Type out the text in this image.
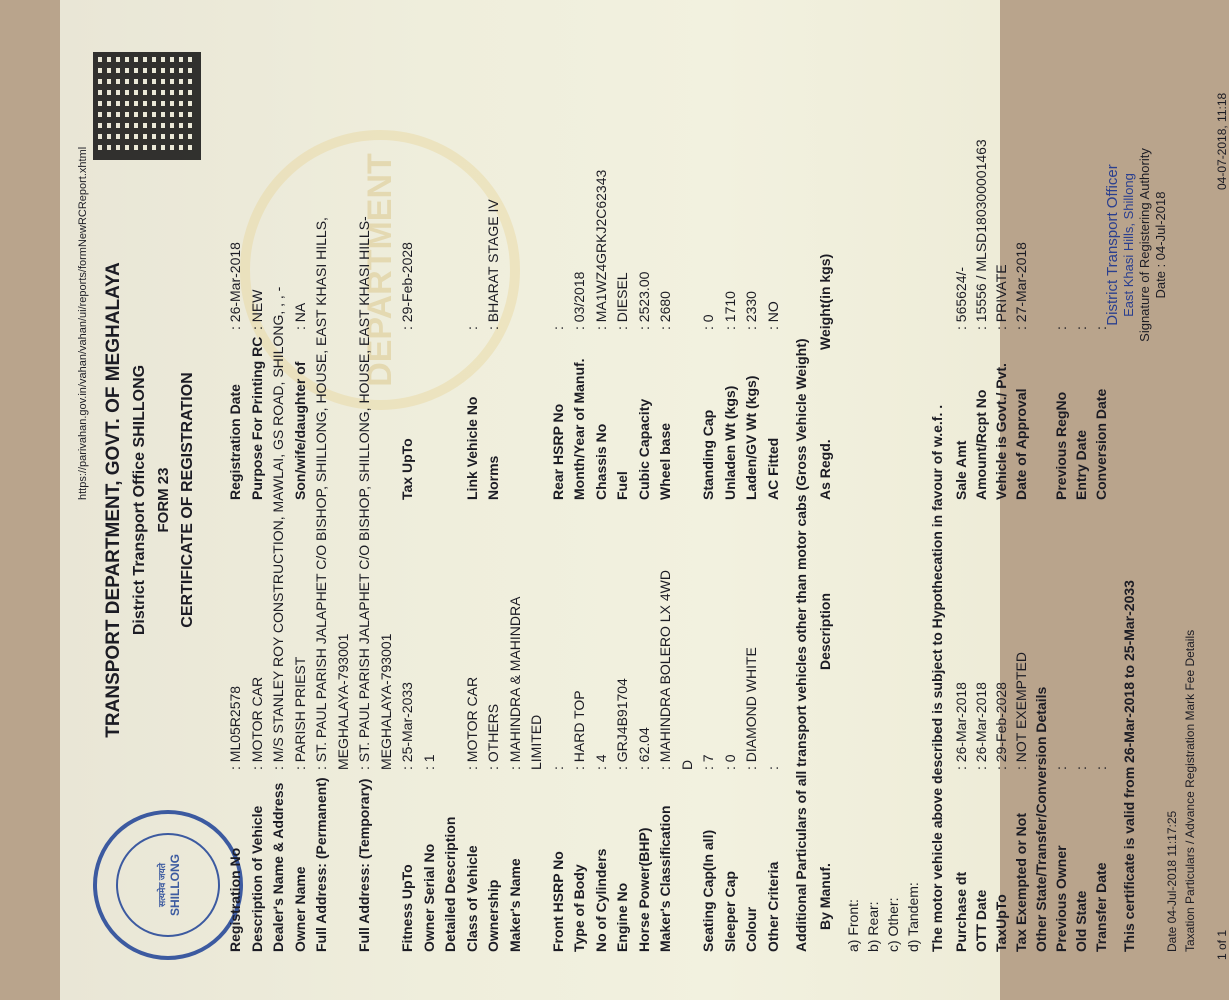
सत्यमेव जयते SHILLONG
DEPARTMENT
https://parivahan.gov.in/vahan/vahan/ui/reports/formNewRCReport.xhtml TRANSPORT DEPARTMENT, GOVT. OF MEGHALAYA District Transport Office SHILLONG FORM 23 CERTIFICATE OF REGISTRATION
Registration No
: ML05R2578
Registration Date
: 26-Mar-2018
Description of Vehicle
: MOTOR CAR
Purpose For Printing RC
: NEW
Dealer's Name & Address
: M/S STANLEY ROY CONSTRUCTION, MAWLAI, GS ROAD, SHILONG, , , -
Owner Name
: PARISH PRIEST
Son/wife/daughter of
: NA
Full Address: (Permanent)
: ST. PAUL PARISH JALAPHET C/O BISHOP, SHILLONG, HOUSE, EAST KHASI HILLS, MEGHALAYA-793001
Full Address: (Temporary)
: ST. PAUL PARISH JALAPHET C/O BISHOP, SHILLONG, HOUSE, EAST KHASI HILLS- MEGHALAYA-793001
Fitness UpTo
: 25-Mar-2033
Tax UpTo
: 29-Feb-2028
Owner Serial No
: 1
Detailed Description Class of Vehicle
: MOTOR CAR
Link Vehicle No
:
Ownership
: OTHERS
Norms
: BHARAT STAGE IV
Maker's Name
: MAHINDRA & MAHINDRA LIMITED
Front HSRP No
:
Rear HSRP No
:
Type of Body
: HARD TOP
Month/Year of Manuf.
: 03/2018
No of Cylinders
: 4
Chassis No
: MA1WZ4GRKJ2C62343
Engine No
: GRJ4B91704
Fuel
: DIESEL
Horse Power(BHP)
: 62.04
Cubic Capacity
: 2523.00
Maker's Classification
: MAHINDRA BOLERO LX 4WD
Wheel base
: 2680
D
Seating Cap(In all)
: 7
Standing Cap
: 0
Sleeper Cap
: 0
Unladen Wt (kgs)
: 1710
Colour
: DIAMOND WHITE
Laden/GV Wt (kgs)
: 2330
Other Criteria
:
AC Fitted
: NO
Additional Particulars of all transport vehicles other than motor cabs (Gross Vehicle Weight) By Manuf.
Description
As Regd.
Weight(in kgs)
a) Front: b) Rear: c) Other: d) Tandem: The motor vehicle above described is subject to Hypothecation in favour of w.e.f. . Purchase dt
: 26-Mar-2018
Sale Amt
: 565624/-
OTT Date
: 26-Mar-2018
Amount/Rcpt No
: 15556 / MLSD180300001463
TaxUpTo
: 29-Feb-2028
Vehicle is Govt./ Pvt.
: PRIVATE
Tax Exempted or Not
: NOT EXEMPTED
Date of Approval
: 27-Mar-2018
Other State/Transfer/Conversion Details Previous Owner
:
Previous RegNo
:
Old State
:
Entry Date
:
Transfer Date
:
Conversion Date
:
This certificate is valid from 26-Mar-2018 to 25-Mar-2033
District Transport Officer East Khasi Hills, Shillong Signature of Registering Authority Date : 04-Jul-2018
Date 04-Jul-2018 11:17:25 Taxation Particulars / Advance Registration Mark Fee Details 1 of 1
04-07-2018, 11:18
